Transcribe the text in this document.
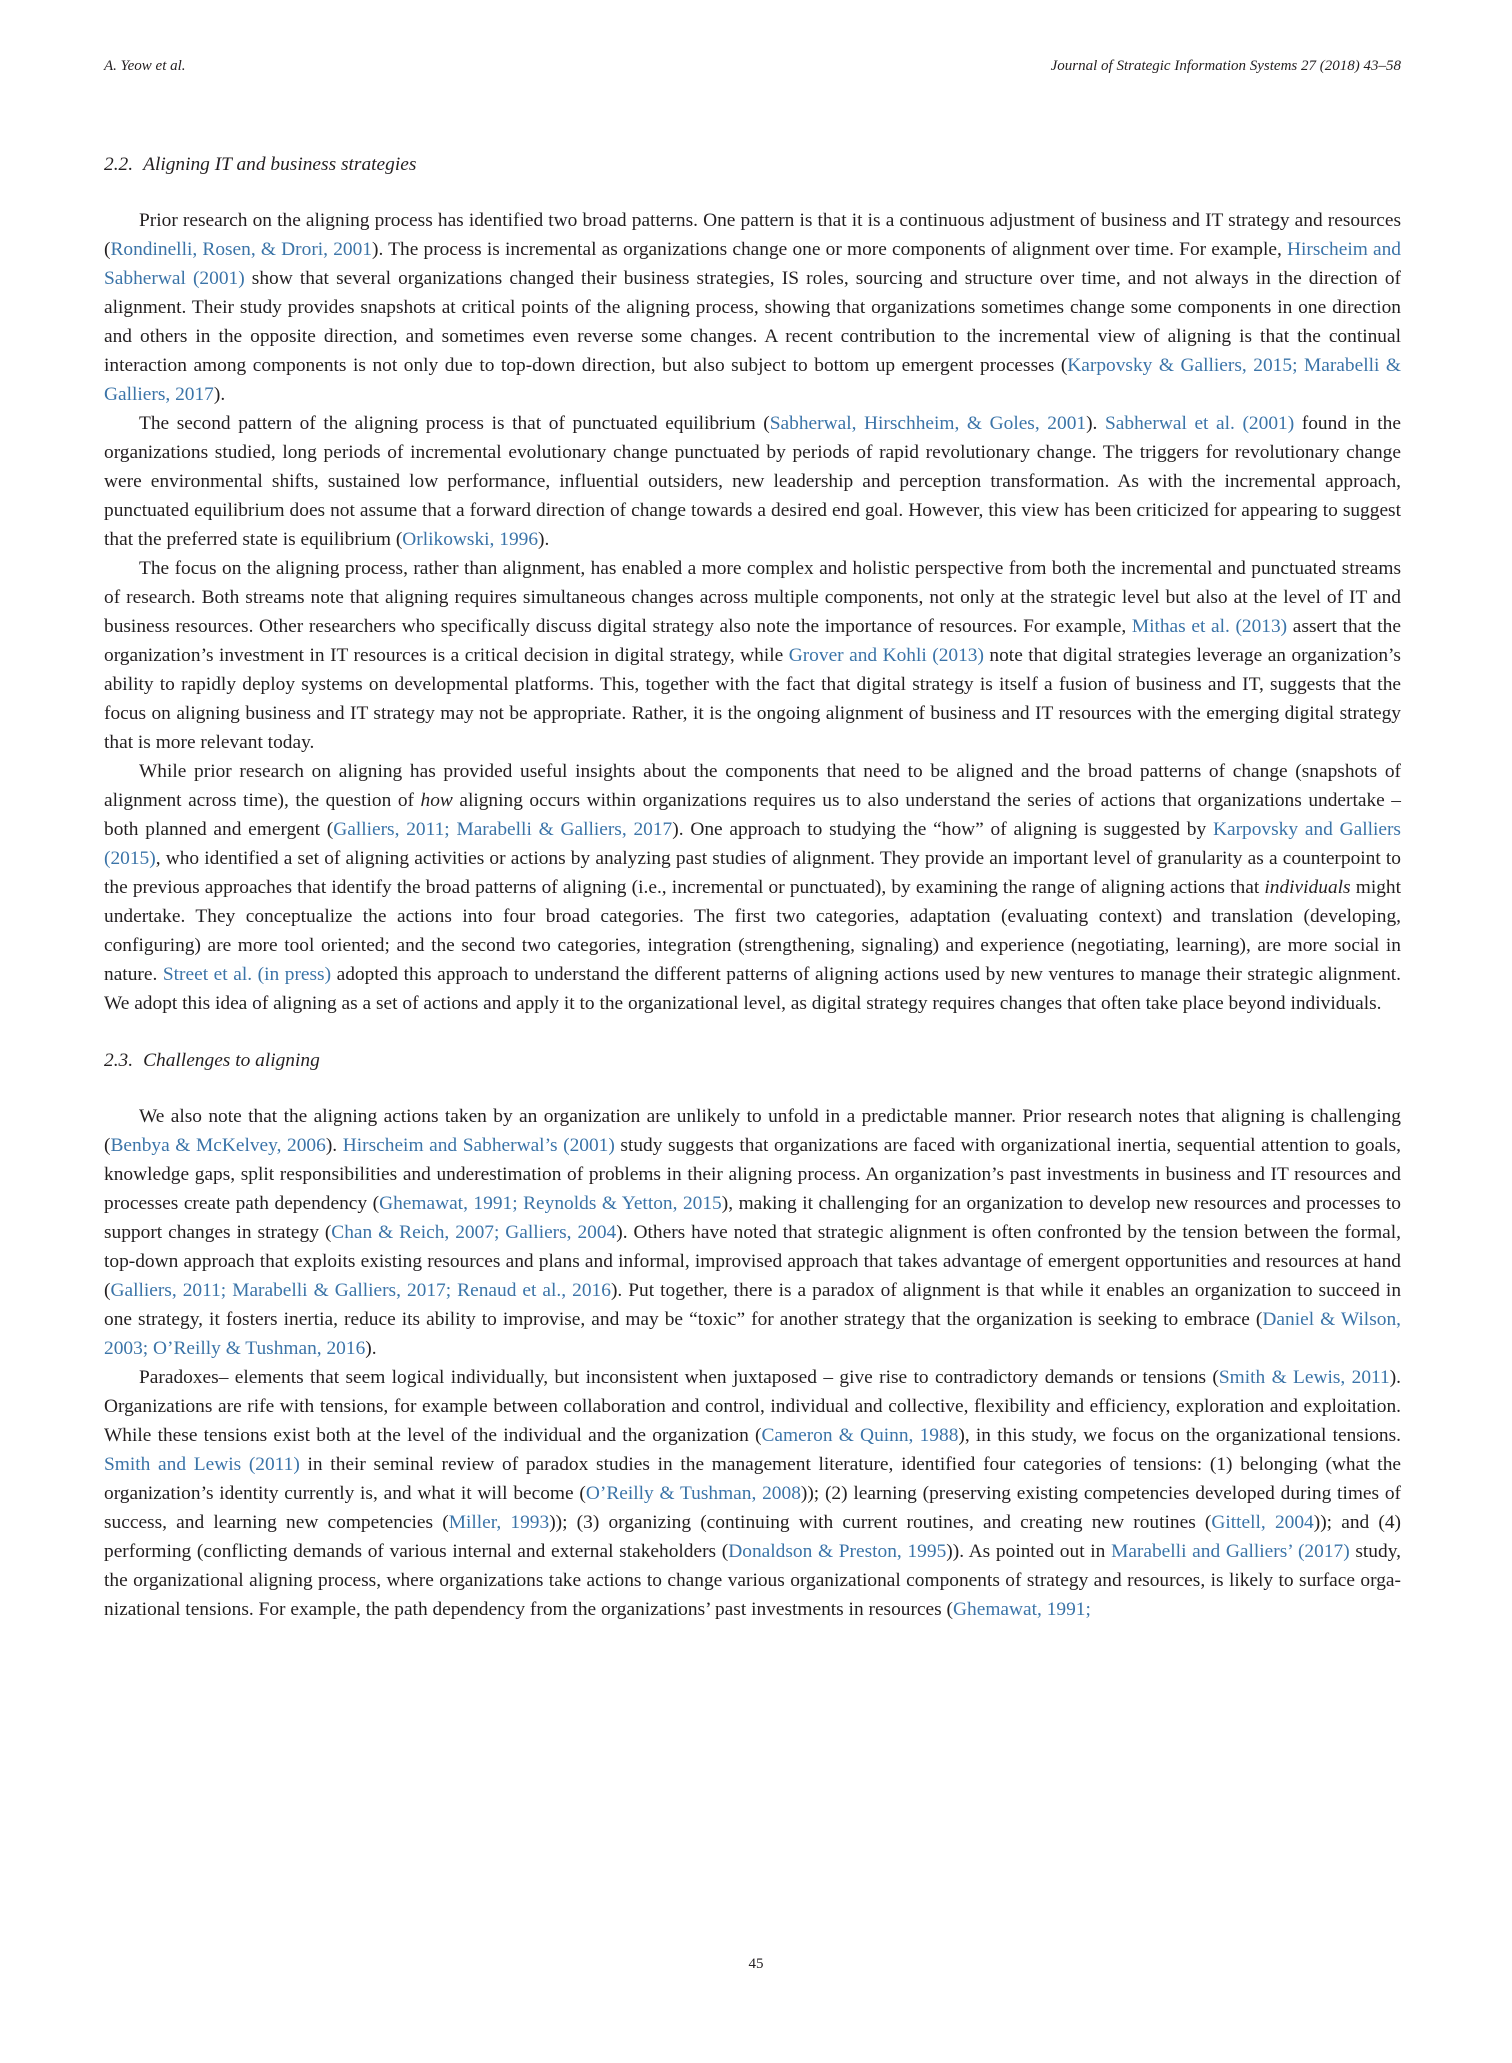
A. Yeow et al.	Journal of Strategic Information Systems 27 (2018) 43–58
2.2. Aligning IT and business strategies

Prior research on the aligning process has identified two broad patterns. One pattern is that it is a continuous adjustment of business and IT strategy and resources (Rondinelli, Rosen, & Drori, 2001). The process is incremental as organizations change one or more components of alignment over time. For example, Hirscheim and Sabherwal (2001) show that several organizations changed their business strategies, IS roles, sourcing and structure over time, and not always in the direction of alignment. Their study provides snapshots at critical points of the aligning process, showing that organizations sometimes change some components in one direction and others in the opposite direction, and sometimes even reverse some changes. A recent contribution to the incremental view of aligning is that the continual interaction among components is not only due to top-down direction, but also subject to bottom up emergent processes (Karpovsky & Galliers, 2015; Marabelli & Galliers, 2017).

The second pattern of the aligning process is that of punctuated equilibrium (Sabherwal, Hirschheim, & Goles, 2001). Sabherwal et al. (2001) found in the organizations studied, long periods of incremental evolutionary change punctuated by periods of rapid revolutionary change. The triggers for revolutionary change were environmental shifts, sustained low performance, influential outsiders, new leadership and perception transformation. As with the incremental approach, punctuated equilibrium does not assume that a forward direction of change towards a desired end goal. However, this view has been criticized for appearing to suggest that the preferred state is equilibrium (Orlikowski, 1996).

The focus on the aligning process, rather than alignment, has enabled a more complex and holistic perspective from both the incremental and punctuated streams of research. Both streams note that aligning requires simultaneous changes across multiple components, not only at the strategic level but also at the level of IT and business resources. Other researchers who specifically discuss digital strategy also note the importance of resources. For example, Mithas et al. (2013) assert that the organization’s investment in IT resources is a critical decision in digital strategy, while Grover and Kohli (2013) note that digital strategies leverage an organization’s ability to rapidly deploy systems on developmental platforms. This, together with the fact that digital strategy is itself a fusion of business and IT, suggests that the focus on aligning business and IT strategy may not be appropriate. Rather, it is the ongoing alignment of business and IT resources with the emerging digital strategy that is more relevant today.

While prior research on aligning has provided useful insights about the components that need to be aligned and the broad patterns of change (snapshots of alignment across time), the question of how aligning occurs within organizations requires us to also understand the series of actions that organizations undertake – both planned and emergent (Galliers, 2011; Marabelli & Galliers, 2017). One approach to studying the “how” of aligning is suggested by Karpovsky and Galliers (2015), who identified a set of aligning activities or actions by analyzing past studies of alignment. They provide an important level of granularity as a counterpoint to the previous approaches that identify the broad patterns of aligning (i.e., incremental or punctuated), by examining the range of aligning actions that individuals might undertake. They conceptualize the actions into four broad categories. The first two categories, adaptation (evaluating context) and translation (developing, configuring) are more tool oriented; and the second two categories, integration (strengthening, signaling) and experience (negotiating, learning), are more social in nature. Street et al. (in press) adopted this approach to understand the different patterns of aligning actions used by new ventures to manage their strategic alignment. We adopt this idea of aligning as a set of actions and apply it to the organizational level, as digital strategy requires changes that often take place beyond individuals.

2.3. Challenges to aligning

We also note that the aligning actions taken by an organization are unlikely to unfold in a predictable manner. Prior research notes that aligning is challenging (Benbya & McKelvey, 2006). Hirscheim and Sabherwal’s (2001) study suggests that organizations are faced with organizational inertia, sequential attention to goals, knowledge gaps, split responsibilities and underestimation of problems in their aligning process. An organization’s past investments in business and IT resources and processes create path dependency (Ghemawat, 1991; Reynolds & Yetton, 2015), making it challenging for an organization to develop new resources and processes to support changes in strategy (Chan & Reich, 2007; Galliers, 2004). Others have noted that strategic alignment is often confronted by the tension between the formal, top-down approach that exploits existing resources and plans and informal, improvised approach that takes advantage of emergent opportunities and resources at hand (Galliers, 2011; Marabelli & Galliers, 2017; Renaud et al., 2016). Put together, there is a paradox of alignment is that while it enables an organization to succeed in one strategy, it fosters inertia, reduce its ability to improvise, and may be “toxic” for another strategy that the organization is seeking to embrace (Daniel & Wilson, 2003; O’Reilly & Tushman, 2016).

Paradoxes– elements that seem logical individually, but inconsistent when juxtaposed – give rise to contradictory demands or tensions (Smith & Lewis, 2011). Organizations are rife with tensions, for example between collaboration and control, individual and collective, flexibility and efficiency, exploration and exploitation. While these tensions exist both at the level of the individual and the organization (Cameron & Quinn, 1988), in this study, we focus on the organizational tensions. Smith and Lewis (2011) in their seminal review of paradox studies in the management literature, identified four categories of tensions: (1) belonging (what the organization’s identity currently is, and what it will become (O’Reilly & Tushman, 2008)); (2) learning (preserving existing competencies developed during times of success, and learning new competencies (Miller, 1993)); (3) organizing (continuing with current routines, and creating new routines (Gittell, 2004)); and (4) performing (conflicting demands of various internal and external stakeholders (Donaldson & Preston, 1995)). As pointed out in Marabelli and Galliers’ (2017) study, the organizational aligning process, where organizations take actions to change various organizational components of strategy and resources, is likely to surface organizational tensions. For example, the path dependency from the organizations’ past investments in resources (Ghemawat, 1991;

45
